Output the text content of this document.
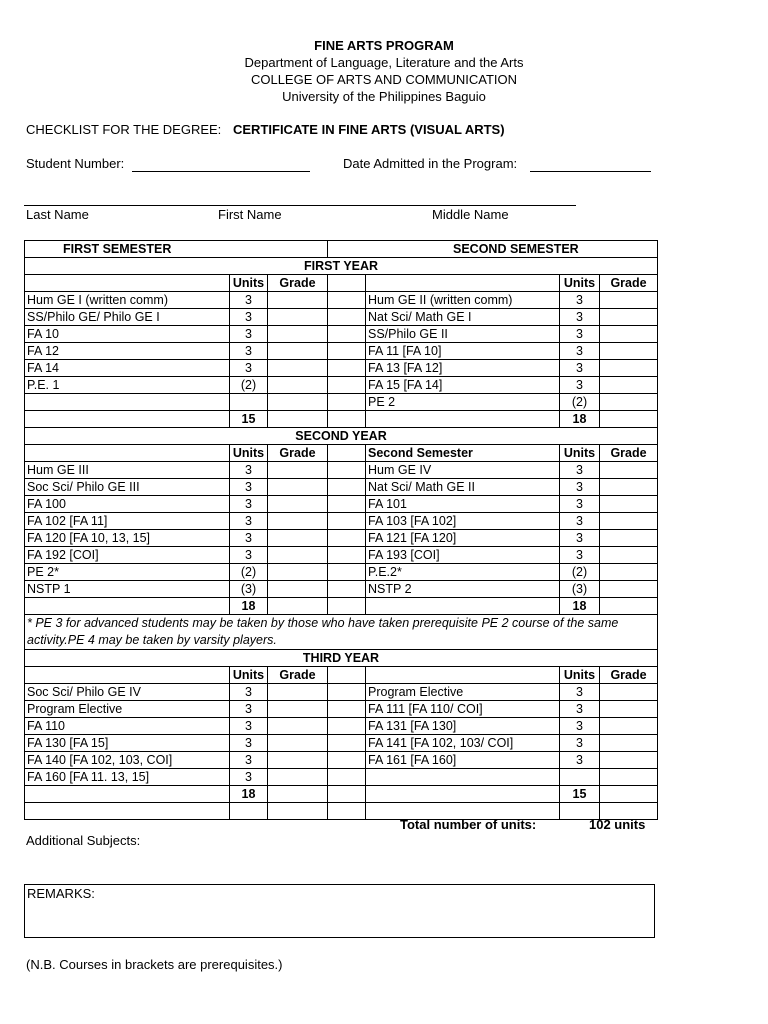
FINE ARTS PROGRAM
Department of Language, Literature and the Arts
COLLEGE OF ARTS AND COMMUNICATION
University of the Philippines Baguio
CHECKLIST FOR THE DEGREE: CERTIFICATE IN FINE ARTS (VISUAL ARTS)
Student Number:	Date Admitted in the Program:
Last Name	First Name	Middle Name
FIRST SEMESTER			SECOND SEMESTER			
FIRST YEAR						
	Units	Grade			Units	Grade
Hum GE I (written comm)	3			Hum GE II (written comm)	3	
SS/Philo GE/ Philo GE I	3			Nat Sci/ Math GE I	3	
FA 10	3			SS/Philo GE II	3	
FA 12	3			FA 11 [FA 10]	3	
FA 14	3			FA 13 [FA 12]	3	
P.E. 1	(2)			FA 15 [FA 14]	3	
				PE 2	(2)	
	15				18	
SECOND YEAR						
	Units	Grade		Second Semester	Units	Grade
Hum GE III	3			Hum GE IV	3	
Soc Sci/ Philo GE III	3			Nat Sci/ Math GE II	3	
FA 100	3			FA 101	3	
FA 102 [FA 11]	3			FA 103 [FA 102]	3	
FA 120 [FA 10, 13, 15]	3			FA 121 [FA 120]	3	
FA 192 [COI]	3			FA 193 [COI]	3	
PE 2*	(2)			P.E.2*	(2)	
NSTP 1	(3)			NSTP 2	(3)	
	18				18	
* PE 3 for advanced students may be taken by those who have taken prerequisite PE 2 course of the same activity.PE 4 may be taken by varsity players.						
THIRD YEAR						
	Units	Grade			Units	Grade
Soc Sci/ Philo GE IV	3			Program Elective	3	
Program Elective	3			FA 111 [FA 110/ COI]	3	
FA 110	3			FA 131 [FA 130]	3	
FA 130 [FA 15]	3			FA 141 [FA 102, 103/ COI]	3	
FA 140 [FA 102, 103, COI]	3			FA 161 [FA 160]	3	
FA 160 [FA 11. 13, 15]	3					
	18				15	

Total number of units:	102 units
Additional Subjects:
REMARKS:
(N.B. Courses in brackets are prerequisites.)
